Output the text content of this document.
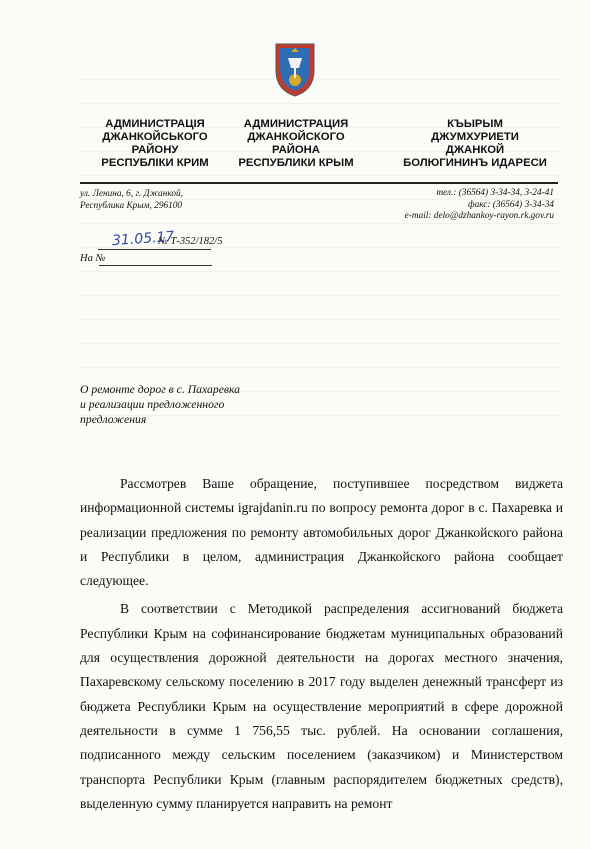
АДМИНИСТРАЦIЯ
ДЖАНКОЙСЬКОГО
РАЙОНУ
РЕСПУБЛIКИ КРИМ
АДМИНИСТРАЦИЯ
ДЖАНКОЙСКОГО
РАЙОНА
РЕСПУБЛИКИ КРЫМ
КЪЫРЫМ
ДЖУМХУРИЕТИ
ДЖАНКОЙ
БОЛЮГИНИНЪ ИДАРЕСИ
ул. Ленина, 6, г. Джанкой,
Республика Крым, 296100
тел.: (36564) 3-34-34, 3-24-41
факс: (36564) 3-34-34
e-mail: delo@dzhankoy-rayon.rk.gov.ru
31.05.17
№ Т-352/182/5
На №
О ремонте дорог в с. Пахаревка
и реализации предложенного
предложения

Рассмотрев Ваше обращение, поступившее посредством виджета информационной системы igrajdanin.ru по вопросу ремонта дорог в с. Пахаревка и реализации предложения по ремонту автомобильных дорог Джанкойского района и Республики в целом, администрация Джанкойского района сообщает следующее.

В соответствии с Методикой распределения ассигнований бюджета Республики Крым на софинансирование бюджетам муниципальных образований для осуществления дорожной деятельности на дорогах местного значения, Пахаревскому сельскому поселению в 2017 году выделен денежный трансферт из бюджета Республики Крым на осуществление мероприятий в сфере дорожной деятельности в сумме 1 756,55 тыс. рублей. На основании соглашения, подписанного между сельским поселением (заказчиком) и Министерством транспорта Республики Крым (главным распорядителем бюджетных средств), выделенную сумму планируется направить на ремонт
